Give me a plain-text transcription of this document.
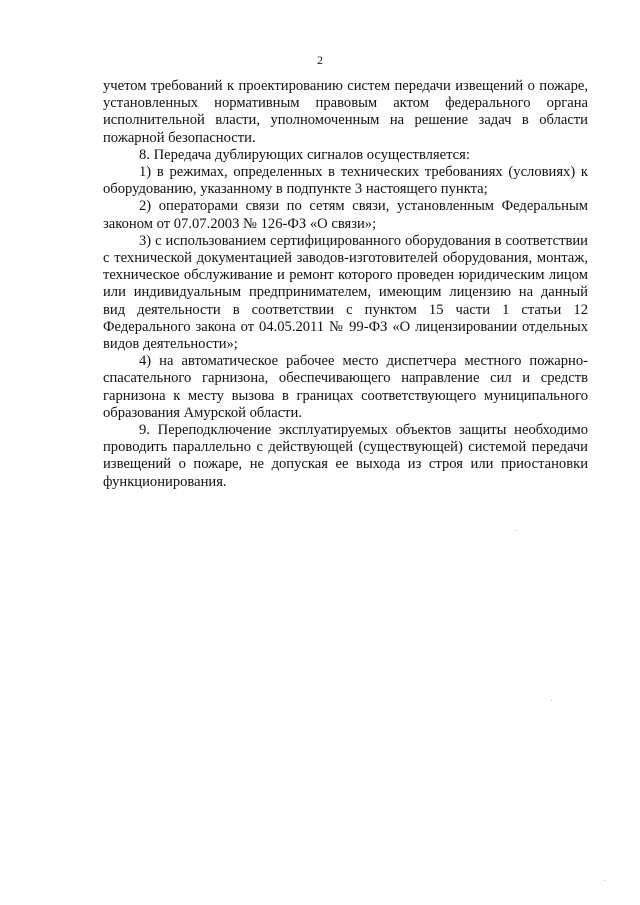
2

учетом требований к проектированию систем передачи извещений о пожаре, установленных нормативным правовым актом федерального органа исполнительной власти, уполномоченным на решение задач в области пожарной безопасности.

8. Передача дублирующих сигналов осуществляется:

1) в режимах, определенных в технических требованиях (условиях) к оборудованию, указанному в подпункте 3 настоящего пункта;

2) операторами связи по сетям связи, установленным Федеральным законом от 07.07.2003 № 126-ФЗ «О связи»;

3) с использованием сертифицированного оборудования в соответствии с технической документацией заводов-изготовителей оборудования, монтаж, техническое обслуживание и ремонт которого проведен юридическим лицом или индивидуальным предпринимателем, имеющим лицензию на данный вид деятельности в соответствии с пунктом 15 части 1 статьи 12 Федерального закона от 04.05.2011 № 99-ФЗ «О лицензировании отдельных видов деятельности»;

4) на автоматическое рабочее место диспетчера местного пожарно-спасательного гарнизона, обеспечивающего направление сил и средств гарнизона к месту вызова в границах соответствующего муниципального образования Амурской области.

9. Переподключение эксплуатируемых объектов защиты необходимо проводить параллельно с действующей (существующей) системой передачи извещений о пожаре, не допуская ее выхода из строя или приостановки функционирования.
